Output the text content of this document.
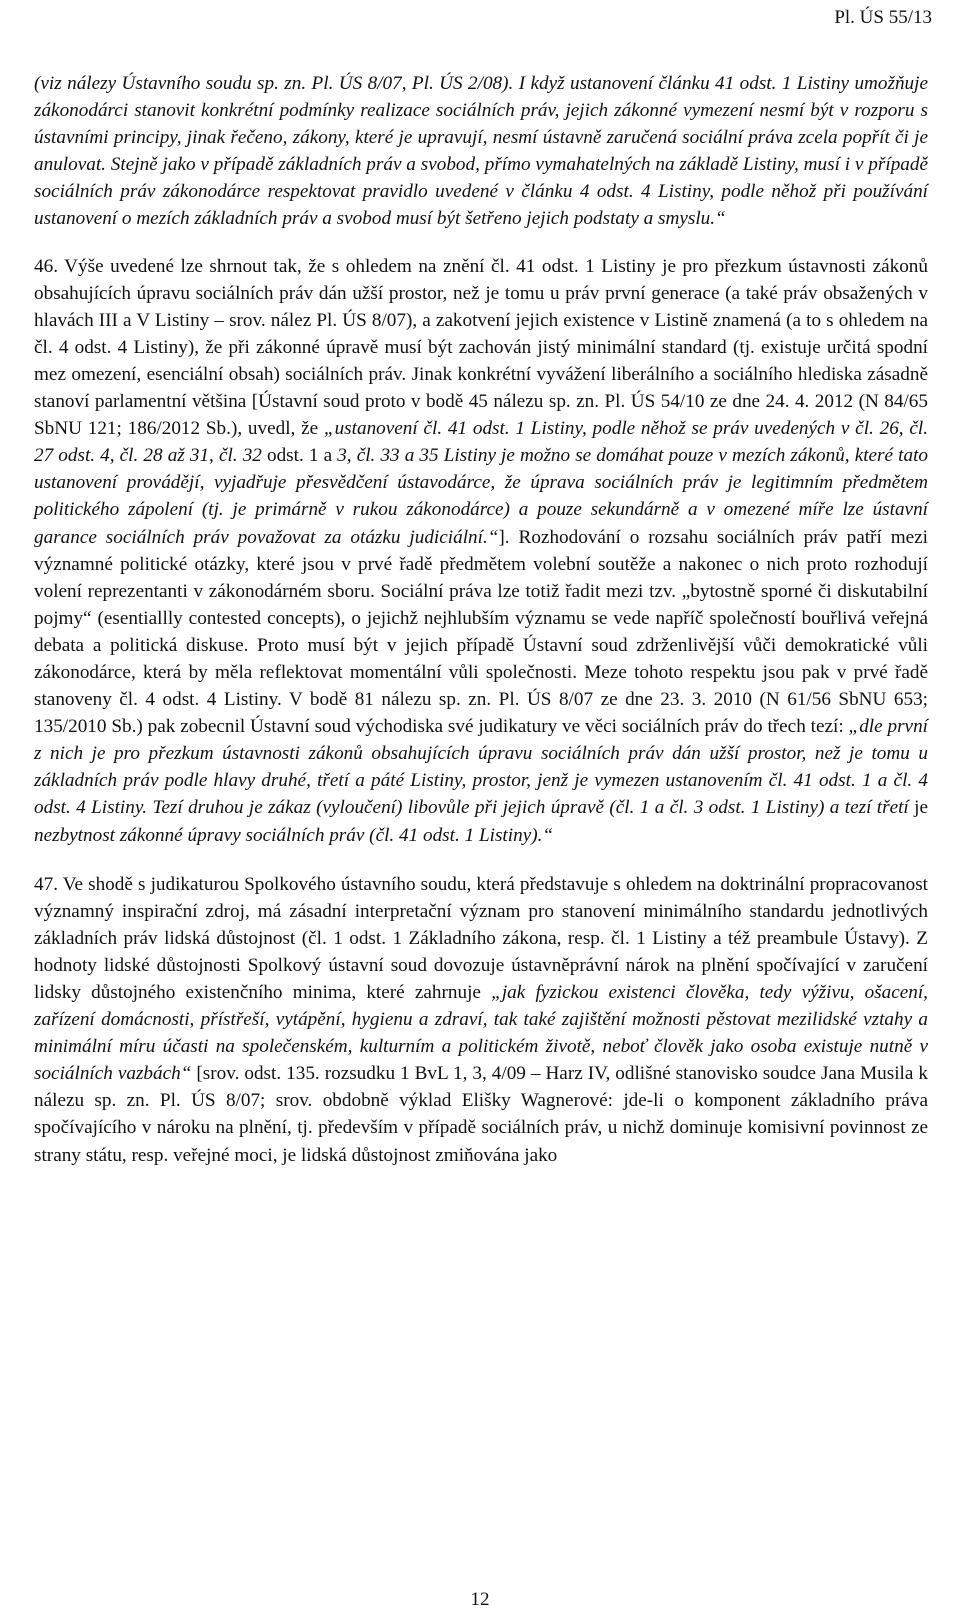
Pl. ÚS 55/13

(viz nálezy Ústavního soudu sp. zn. Pl. ÚS 8/07, Pl. ÚS 2/08). I když ustanovení článku 41 odst. 1 Listiny umožňuje zákonodárci stanovit konkrétní podmínky realizace sociálních práv, jejich zákonné vymezení nesmí být v rozporu s ústavními principy, jinak řečeno, zákony, které je upravují, nesmí ústavně zaručená sociální práva zcela popřít či je anulovat. Stejně jako v případě základních práv a svobod, přímo vymahatelných na základě Listiny, musí i v případě sociálních práv zákonodárce respektovat pravidlo uvedené v článku 4 odst. 4 Listiny, podle něhož při používání ustanovení o mezích základních práv a svobod musí být šetřeno jejich podstaty a smyslu.“

46. Výše uvedené lze shrnout tak, že s ohledem na znění čl. 41 odst. 1 Listiny je pro přezkum ústavnosti zákonů obsahujících úpravu sociálních práv dán užší prostor, než je tomu u práv první generace (a také práv obsažených v hlavách III a V Listiny – srov. nález Pl. ÚS 8/07), a zakotvení jejich existence v Listině znamená (a to s ohledem na čl. 4 odst. 4 Listiny), že při zákonné úpravě musí být zachován jistý minimální standard (tj. existuje určitá spodní mez omezení, esenciální obsah) sociálních práv. Jinak konkrétní vyvážení liberálního a sociálního hlediska zásadně stanoví parlamentní většina [Ústavní soud proto v bodě 45 nálezu sp. zn. Pl. ÚS 54/10 ze dne 24. 4. 2012 (N 84/65 SbNU 121; 186/2012 Sb.), uvedl, že „ustanovení čl. 41 odst. 1 Listiny, podle něhož se práv uvedených v čl. 26, čl. 27 odst. 4, čl. 28 až 31, čl. 32 odst. 1 a 3, čl. 33 a 35 Listiny je možno se domáhat pouze v mezích zákonů, které tato ustanovení provádějí, vyjadřuje přesvědčení ústavodárce, že úprava sociálních práv je legitimním předmětem politického zápolení (tj. je primárně v rukou zákonodárce) a pouze sekundárně a v omezené míře lze ústavní garance sociálních práv považovat za otázku judiciální.“]. Rozhodování o rozsahu sociálních práv patří mezi významné politické otázky, které jsou v prvé řadě předmětem volební soutěže a nakonec o nich proto rozhodují volení reprezentanti v zákonodárném sboru. Sociální práva lze totiž řadit mezi tzv. „bytostně sporné či diskutabilní pojmy“ (esentiallly contested concepts), o jejichž nejhlubším významu se vede napříč společností bouřlivá veřejná debata a politická diskuse. Proto musí být v jejich případě Ústavní soud zdrženlivější vůči demokratické vůli zákonodárce, která by měla reflektovat momentální vůli společnosti. Meze tohoto respektu jsou pak v prvé řadě stanoveny čl. 4 odst. 4 Listiny. V bodě 81 nálezu sp. zn. Pl. ÚS 8/07 ze dne 23. 3. 2010 (N 61/56 SbNU 653; 135/2010 Sb.) pak zobecnil Ústavní soud východiska své judikatury ve věci sociálních práv do třech tezí: „dle první z nich je pro přezkum ústavnosti zákonů obsahujících úpravu sociálních práv dán užší prostor, než je tomu u základních práv podle hlavy druhé, třetí a páté Listiny, prostor, jenž je vymezen ustanovením čl. 41 odst. 1 a čl. 4 odst. 4 Listiny. Tezí druhou je zákaz (vyloučení) libovůle při jejich úpravě (čl. 1 a čl. 3 odst. 1 Listiny) a tezí třetí je nezbytnost zákonné úpravy sociálních práv (čl. 41 odst. 1 Listiny).“

47. Ve shodě s judikaturou Spolkového ústavního soudu, která představuje s ohledem na doktrinální propracovanost významný inspirační zdroj, má zásadní interpretační význam pro stanovení minimálního standardu jednotlivých základních práv lidská důstojnost (čl. 1 odst. 1 Základního zákona, resp. čl. 1 Listiny a též preambule Ústavy). Z hodnoty lidské důstojnosti Spolkový ústavní soud dovozuje ústavněprávní nárok na plnění spočívající v zaručení lidsky důstojného existenčního minima, které zahrnuje „jak fyzickou existenci člověka, tedy výživu, ošacení, zařízení domácnosti, přístřeší, vytápění, hygienu a zdraví, tak také zajištění možnosti pěstovat mezilidské vztahy a minimální míru účasti na společenském, kulturním a politickém životě, neboť člověk jako osoba existuje nutně v sociálních vazbách“ [srov. odst. 135. rozsudku 1 BvL 1, 3, 4/09 – Harz IV, odlišné stanovisko soudce Jana Musila k nálezu sp. zn. Pl. ÚS 8/07; srov. obdobně výklad Elišky Wagnerové: jde-li o komponent základního práva spočívajícího v nároku na plnění, tj. především v případě sociálních práv, u nichž dominuje komisivní povinnost ze strany státu, resp. veřejné moci, je lidská důstojnost zmiňována jako

12
